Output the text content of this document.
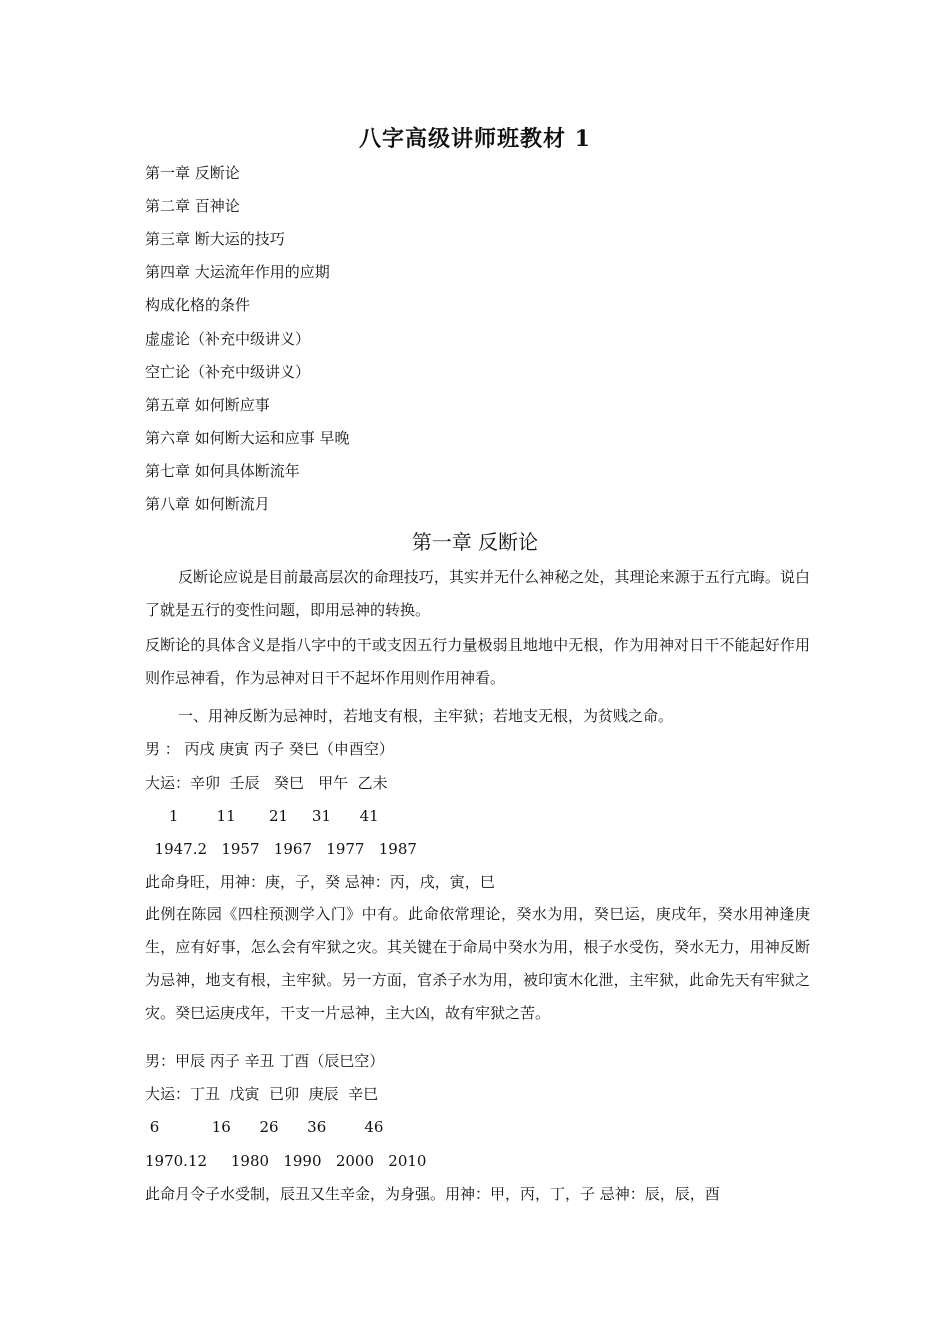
八字高级讲师班教材 1
第一章 反断论
第二章 百神论
第三章 断大运的技巧
第四章 大运流年作用的应期
构成化格的条件
虚虚论（补充中级讲义）
空亡论（补充中级讲义）
第五章 如何断应事
第六章 如何断大运和应事 早晚
第七章 如何具体断流年
第八章 如何断流月
第一章 反断论
反断论应说是目前最高层次的命理技巧，其实并无什么神秘之处，其理论来源于五行亢晦。说白了就是五行的变性问题，即用忌神的转换。
反断论的具体含义是指八字中的干或支因五行力量极弱且地地中无根，作为用神对日干不能起好作用则作忌神看，作为忌神对日干不起坏作用则作用神看。
一、用神反断为忌神时，若地支有根，主牢狱；若地支无根，为贫贱之命。
男 ： 丙戌 庚寅 丙子 癸巳（申酉空）
大运：辛卯  壬辰   癸巳   甲午  乙未
1        11       21     31      41
1947.2   1957   1967   1977   1987
此命身旺，用神：庚，子，癸 忌神：丙，戌，寅，巳
此例在陈园《四柱预测学入门》中有。此命依常理论，癸水为用，癸巳运，庚戌年，癸水用神逢庚生，应有好事，怎么会有牢狱之灾。其关键在于命局中癸水为用，根子水受伤，癸水无力，用神反断为忌神，地支有根，主牢狱。另一方面，官杀子水为用，被印寅木化泄，主牢狱，此命先天有牢狱之灾。癸巳运庚戌年，干支一片忌神，主大凶，故有牢狱之苦。
男：甲辰 丙子 辛丑 丁酉（辰巳空）
大运：丁丑  戊寅  已卯  庚辰  辛巳
6           16      26      36        46
1970.12     1980   1990   2000   2010
此命月令子水受制，辰丑又生辛金，为身强。用神：甲，丙，丁，子 忌神：辰，辰，酉
